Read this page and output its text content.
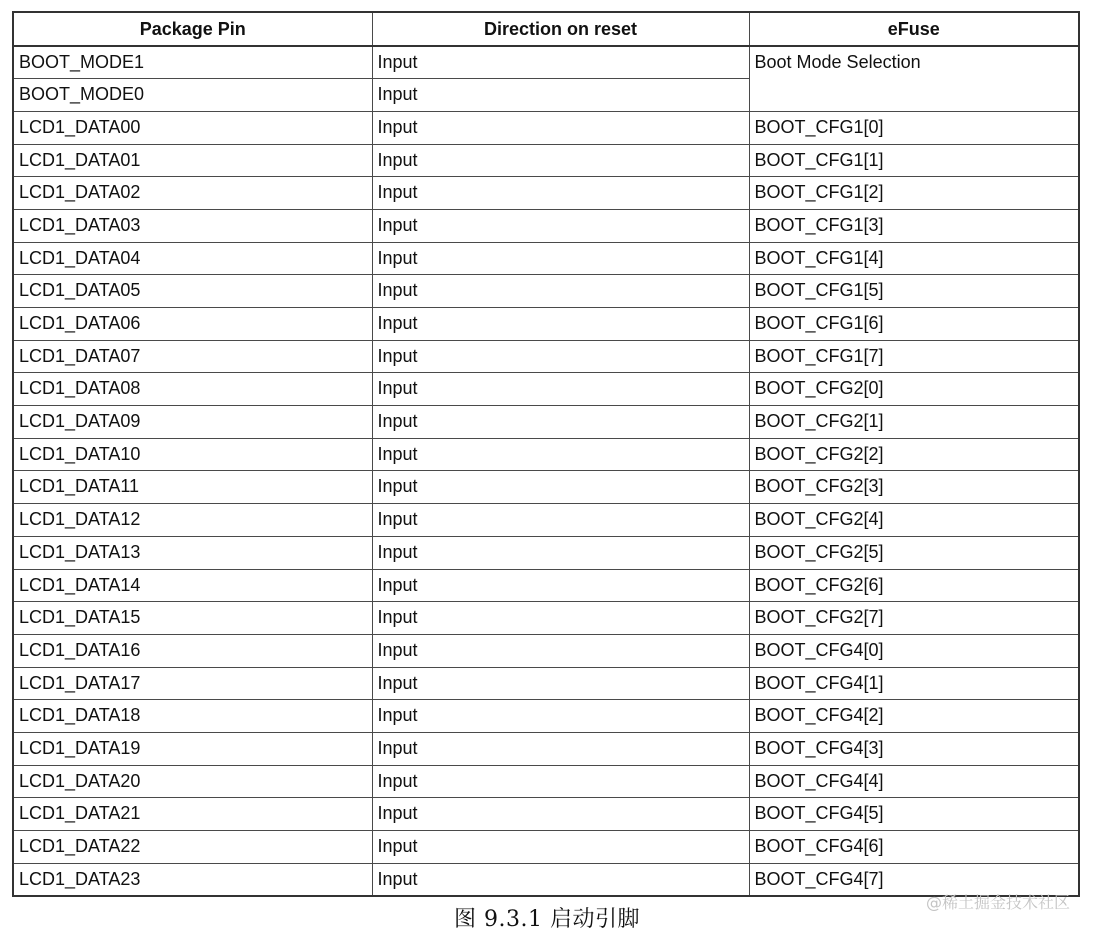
Package Pin	Direction on reset	eFuse
BOOT_MODE1	Input	Boot Mode Selection
BOOT_MODE0	Input	
LCD1_DATA00	Input	BOOT_CFG1[0]
LCD1_DATA01	Input	BOOT_CFG1[1]
LCD1_DATA02	Input	BOOT_CFG1[2]
LCD1_DATA03	Input	BOOT_CFG1[3]
LCD1_DATA04	Input	BOOT_CFG1[4]
LCD1_DATA05	Input	BOOT_CFG1[5]
LCD1_DATA06	Input	BOOT_CFG1[6]
LCD1_DATA07	Input	BOOT_CFG1[7]
LCD1_DATA08	Input	BOOT_CFG2[0]
LCD1_DATA09	Input	BOOT_CFG2[1]
LCD1_DATA10	Input	BOOT_CFG2[2]
LCD1_DATA11	Input	BOOT_CFG2[3]
LCD1_DATA12	Input	BOOT_CFG2[4]
LCD1_DATA13	Input	BOOT_CFG2[5]
LCD1_DATA14	Input	BOOT_CFG2[6]
LCD1_DATA15	Input	BOOT_CFG2[7]
LCD1_DATA16	Input	BOOT_CFG4[0]
LCD1_DATA17	Input	BOOT_CFG4[1]
LCD1_DATA18	Input	BOOT_CFG4[2]
LCD1_DATA19	Input	BOOT_CFG4[3]
LCD1_DATA20	Input	BOOT_CFG4[4]
LCD1_DATA21	Input	BOOT_CFG4[5]
LCD1_DATA22	Input	BOOT_CFG4[6]
LCD1_DATA23	Input	BOOT_CFG4[7]
图 9.3.1 启动引脚
@稀土掘金技术社区
